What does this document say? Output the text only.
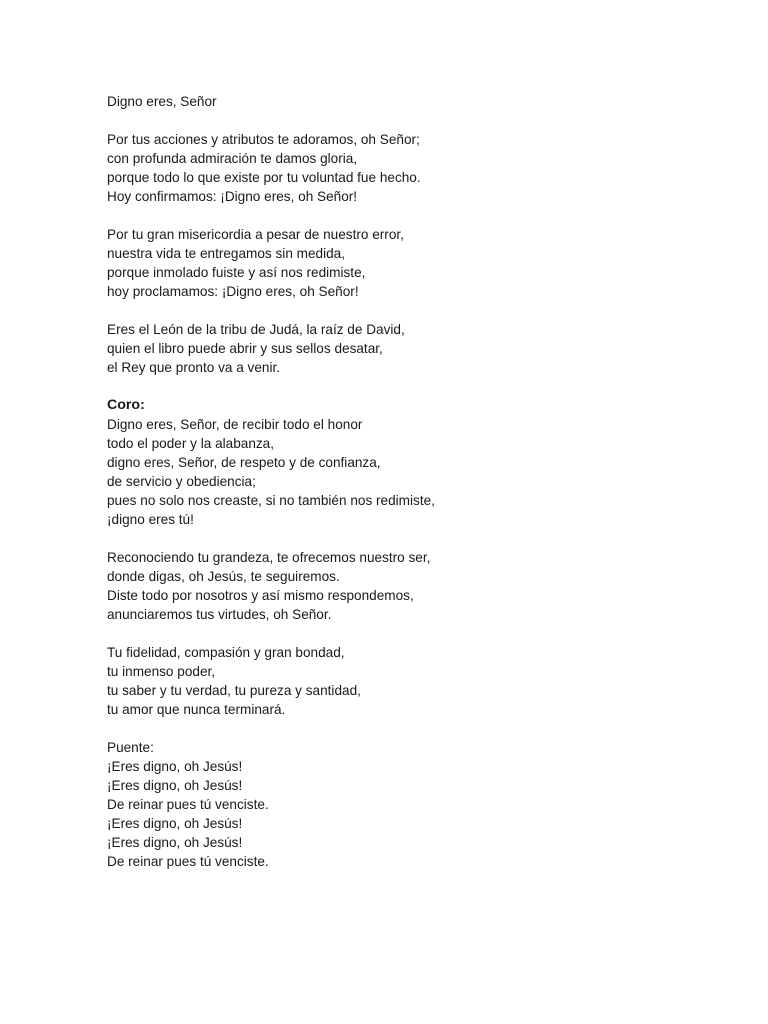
Digno eres, Señor
Por tus acciones y atributos te adoramos, oh Señor;
con profunda admiración te damos gloria,
porque todo lo que existe por tu voluntad fue hecho.
Hoy confirmamos: ¡Digno eres, oh Señor!
Por tu gran misericordia a pesar de nuestro error,
nuestra vida te entregamos sin medida,
porque inmolado fuiste y así nos redimiste,
hoy proclamamos: ¡Digno eres, oh Señor!
Eres el León de la tribu de Judá, la raíz de David,
quien el libro puede abrir y sus sellos desatar,
el Rey que pronto va a venir.
Coro:
Digno eres, Señor, de recibir todo el honor
todo el poder y la alabanza,
digno eres, Señor, de respeto y de confianza,
de servicio y obediencia;
pues no solo nos creaste, si no también nos redimiste,
¡digno eres tú!
Reconociendo tu grandeza, te ofrecemos nuestro ser,
donde digas, oh Jesús, te seguiremos.
Diste todo por nosotros y así mismo respondemos,
anunciaremos tus virtudes, oh Señor.
Tu fidelidad, compasión y gran bondad,
tu inmenso poder,
tu saber y tu verdad, tu pureza y santidad,
tu amor que nunca terminará.
Puente:
¡Eres digno, oh Jesús!
¡Eres digno, oh Jesús!
De reinar pues tú venciste.
¡Eres digno, oh Jesús!
¡Eres digno, oh Jesús!
De reinar pues tú venciste.
